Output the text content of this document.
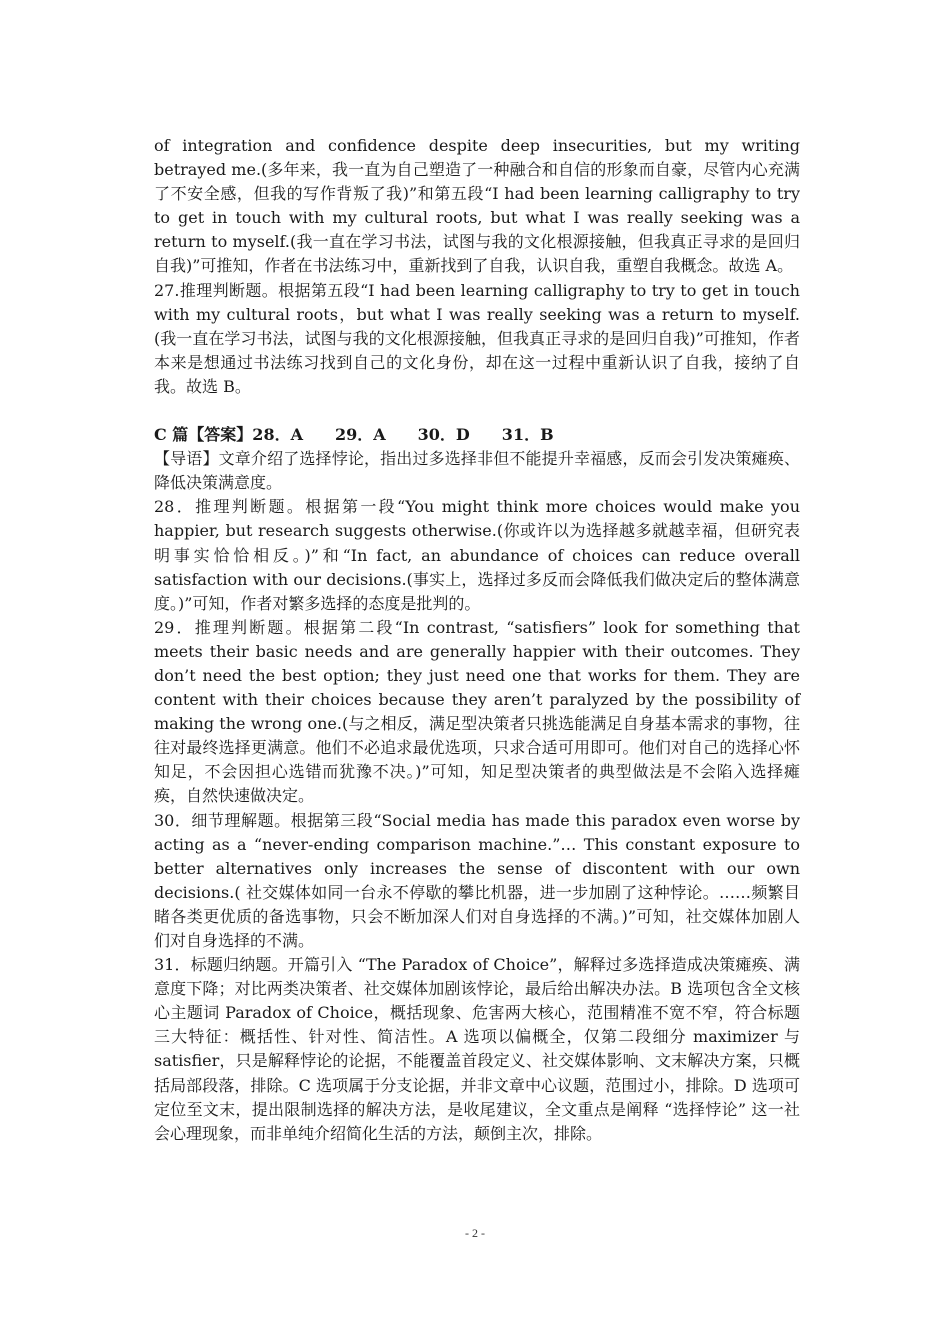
of integration and confidence despite deep insecurities, but my writing betrayed me.(多年来，我一直为自己塑造了一种融合和自信的形象而自豪，尽管内心充满了不安全感，但我的写作背叛了我)”和第五段“I had been learning calligraphy to try to get in touch with my cultural roots, but what I was really seeking was a return to myself.(我一直在学习书法，试图与我的文化根源接触，但我真正寻求的是回归自我)”可推知，作者在书法练习中，重新找到了自我，认识自我，重塑自我概念。故选 A。

27.推理判断题。根据第五段“I had been learning calligraphy to try to get in touch with my cultural roots，but what I was really seeking was a return to myself.(我一直在学习书法，试图与我的文化根源接触，但我真正寻求的是回归自我)”可推知，作者本来是想通过书法练习找到自己的文化身份，却在这一过程中重新认识了自我，接纳了自我。故选 B。

C 篇【答案】28．A　　29．A　　30．D　　31．B

【导语】文章介绍了选择悖论，指出过多选择非但不能提升幸福感，反而会引发决策瘫痪、降低决策满意度。

28．推理判断题。根据第一段“You might think more choices would make you happier, but research suggests otherwise.(你或许以为选择越多就越幸福，但研究表明事实恰恰相反。)”和“In fact, an abundance of choices can reduce overall satisfaction with our decisions.(事实上，选择过多反而会降低我们做决定后的整体满意度。)”可知，作者对繁多选择的态度是批判的。

29．推理判断题。根据第二段“In contrast, “satisfiers” look for something that meets their basic needs and are generally happier with their outcomes. They don’t need the best option; they just need one that works for them. They are content with their choices because they aren’t paralyzed by the possibility of making the wrong one.(与之相反，满足型决策者只挑选能满足自身基本需求的事物，往往对最终选择更满意。他们不必追求最优选项，只求合适可用即可。他们对自己的选择心怀知足，不会因担心选错而犹豫不决。)”可知，知足型决策者的典型做法是不会陷入选择瘫痪，自然快速做决定。

30．细节理解题。根据第三段“Social media has made this paradox even worse by acting as a “never-ending comparison machine.”… This constant exposure to better alternatives only increases the sense of discontent with our own decisions.( 社交媒体如同一台永不停歇的攀比机器，进一步加剧了这种悖论。……频繁目睹各类更优质的备选事物，只会不断加深人们对自身选择的不满。)”可知，社交媒体加剧人们对自身选择的不满。

31．标题归纳题。开篇引入 “The Paradox of Choice”，解释过多选择造成决策瘫痪、满意度下降；对比两类决策者、社交媒体加剧该悖论，最后给出解决办法。B 选项包含全文核心主题词 Paradox of Choice，概括现象、危害两大核心，范围精准不宽不窄，符合标题三大特征：概括性、针对性、简洁性。A 选项以偏概全，仅第二段细分 maximizer 与 satisfier，只是解释悖论的论据，不能覆盖首段定义、社交媒体影响、文末解决方案，只概括局部段落，排除。C 选项属于分支论据，并非文章中心议题，范围过小，排除。D 选项可定位至文末，提出限制选择的解决方法，是收尾建议，全文重点是阐释 “选择悖论” 这一社会心理现象，而非单纯介绍简化生活的方法，颠倒主次，排除。

- 2 -
